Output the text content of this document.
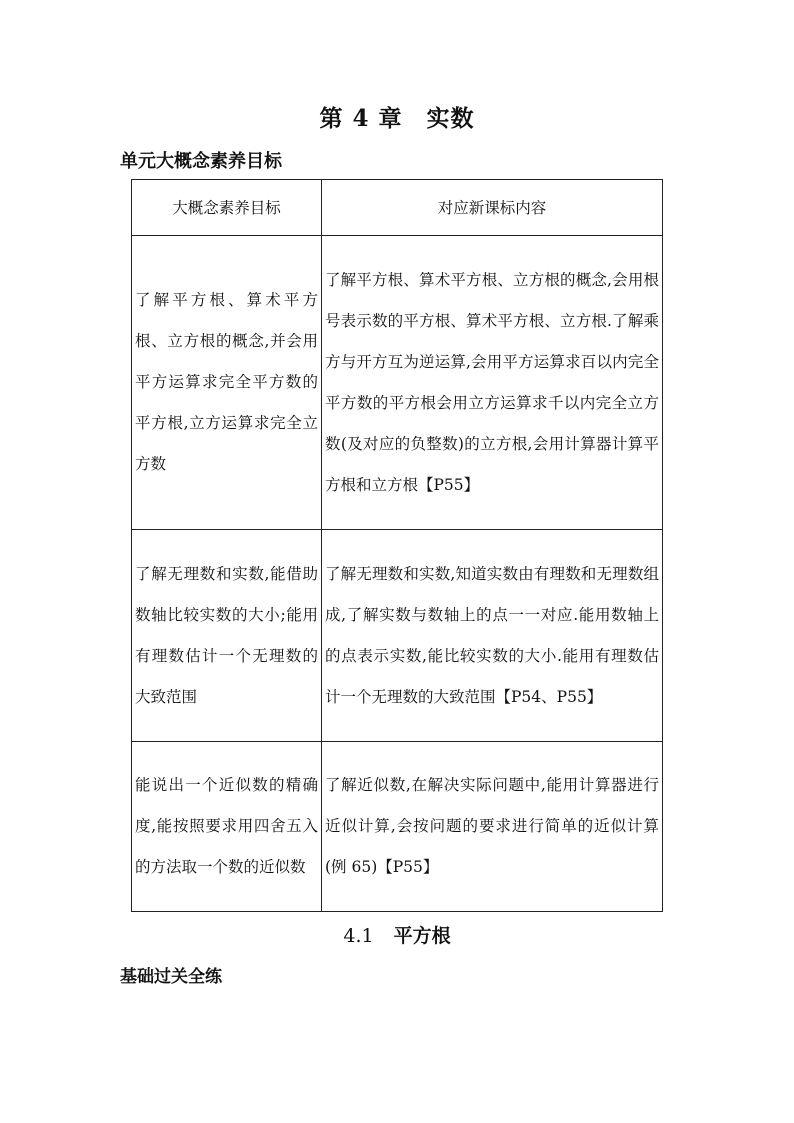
第 4 章　实数
单元大概念素养目标
大概念素养目标	对应新课标内容
了解平方根、算术平方根、立方根的概念,并会用平方运算求完全平方数的平方根,立方运算求完全立方数	了解平方根、算术平方根、立方根的概念,会用根号表示数的平方根、算术平方根、立方根.了解乘方与开方互为逆运算,会用平方运算求百以内完全平方数的平方根会用立方运算求千以内完全立方数(及对应的负整数)的立方根,会用计算器计算平方根和立方根【P55】
了解无理数和实数,能借助数轴比较实数的大小;能用有理数估计一个无理数的大致范围	了解无理数和实数,知道实数由有理数和无理数组成,了解实数与数轴上的点一一对应.能用数轴上的点表示实数,能比较实数的大小.能用有理数估计一个无理数的大致范围【P54、P55】
能说出一个近似数的精确度,能按照要求用四舍五入的方法取一个数的近似数	了解近似数,在解决实际问题中,能用计算器进行近似计算,会按问题的要求进行简单的近似计算(例 65)【P55】
4.1 平方根
基础过关全练
